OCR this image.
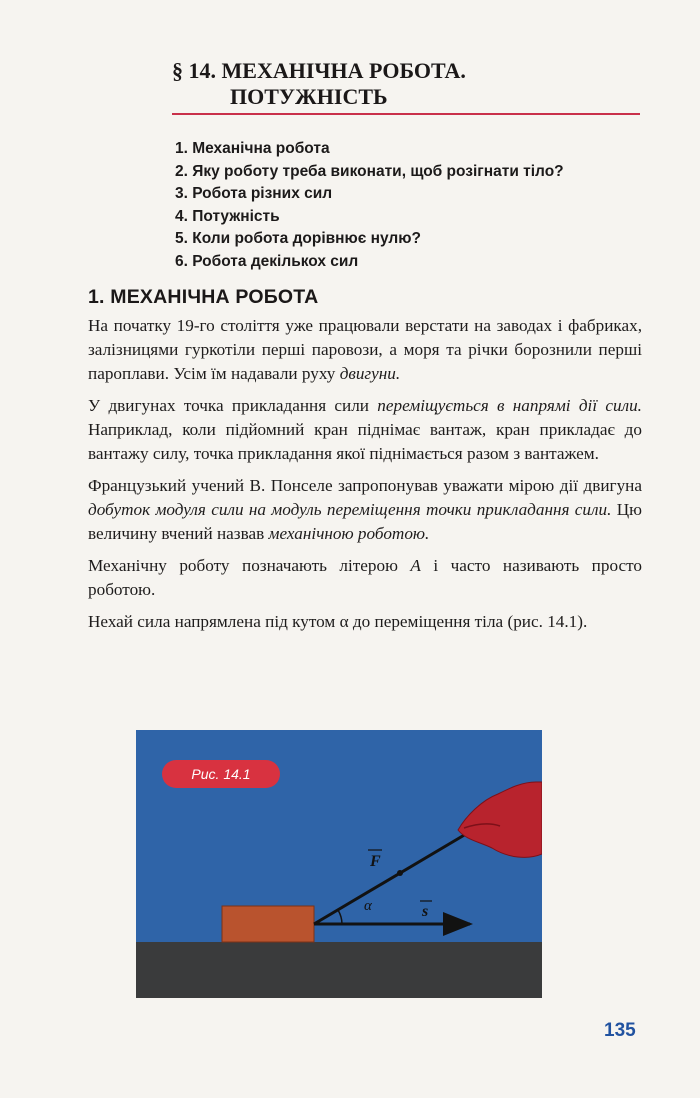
§ 14. МЕХАНІЧНА РОБОТА.
ПОТУЖНІСТЬ
1. Механічна робота
2. Яку роботу треба виконати, щоб розігнати тіло?
3. Робота різних сил
4. Потужність
5. Коли робота дорівнює нулю?
6. Робота декількох сил
1. МЕХАНІЧНА РОБОТА

На початку 19-го століття уже працювали верстати на заводах і фабриках, залізницями гуркотіли перші паровози, а моря та річки борознили перші пароплави. Усім їм надавали руху двигуни.

У двигунах точка прикладання сили переміщується в напрямі дії сили. Наприклад, коли підйомний кран піднімає вантаж, кран прикладає до вантажу силу, точка прикладання якої піднімається разом з вантажем.

Французький учений В. Понселе запропонував уважати мірою дії двигуна добуток модуля сили на модуль переміщення точки прикладання сили. Цю величину вчений назвав механічною роботою.

Механічну роботу позначають літерою A і часто називають просто роботою.

Нехай сила напрямлена під кутом α до переміщення тіла (рис. 14.1).

Рис. 14.1
α
F
s
135
